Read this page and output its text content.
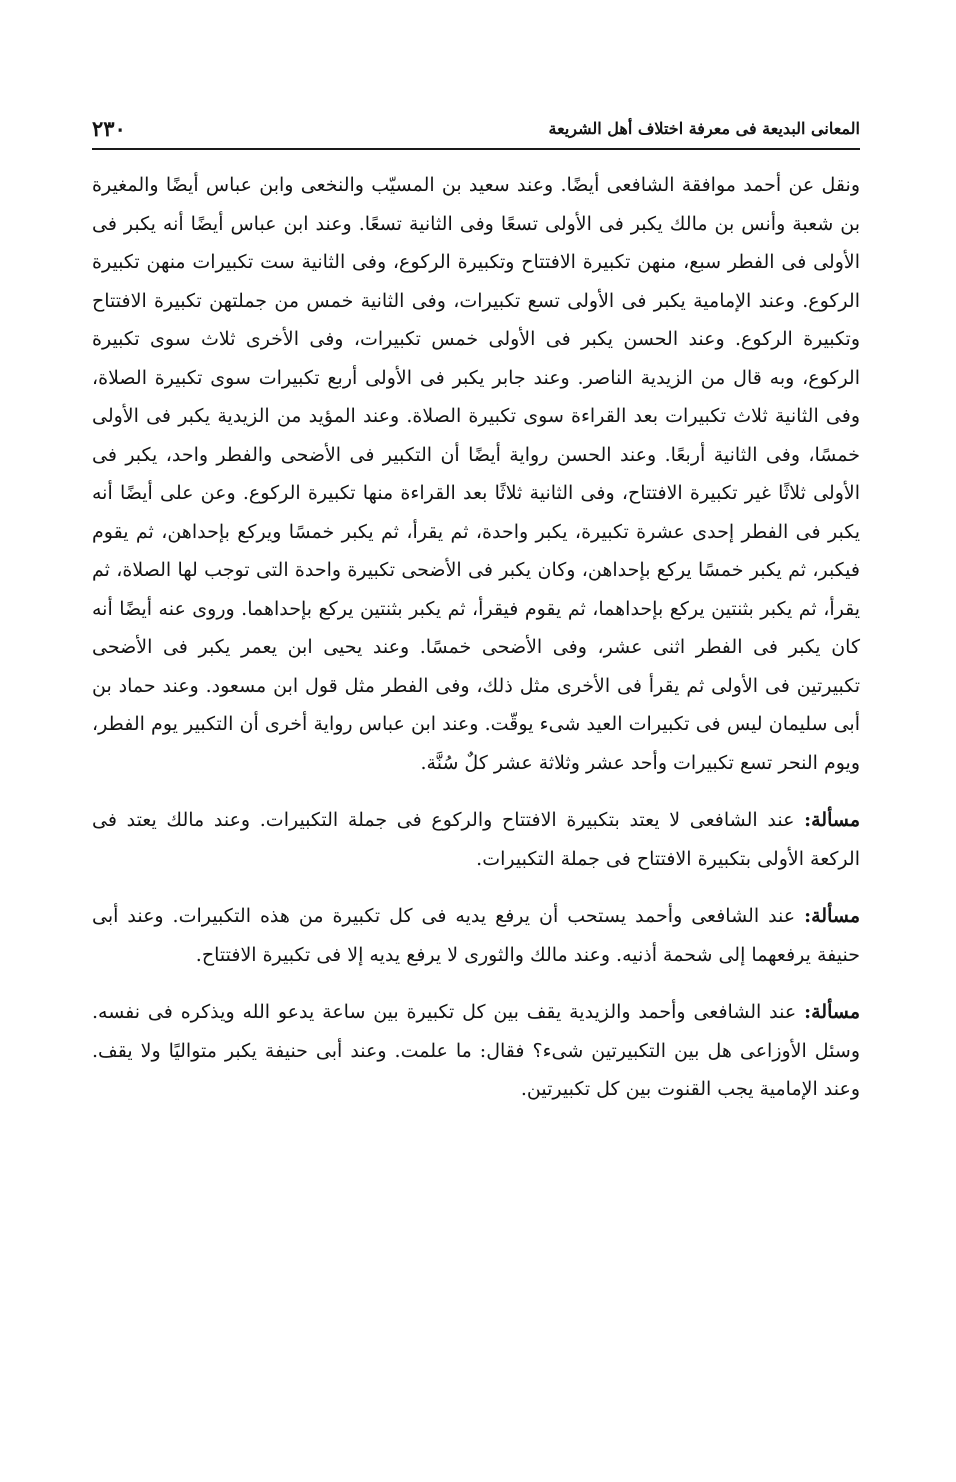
المعانى البديعة فى معرفة اختلاف أهل الشريعة
٢٣٠

ونقل عن أحمد موافقة الشافعى أيضًا. وعند سعيد بن المسيّب والنخعى وابن عباس أيضًا والمغيرة بن شعبة وأنس بن مالك يكبر فى الأولى تسعًا وفى الثانية تسعًا. وعند ابن عباس أيضًا أنه يكبر فى الأولى فى الفطر سبع، منهن تكبيرة الافتتاح وتكبيرة الركوع، وفى الثانية ست تكبيرات منهن تكبيرة الركوع. وعند الإمامية يكبر فى الأولى تسع تكبيرات، وفى الثانية خمس من جملتهن تكبيرة الافتتاح وتكبيرة الركوع. وعند الحسن يكبر فى الأولى خمس تكبيرات، وفى الأخرى ثلاث سوى تكبيرة الركوع، وبه قال من الزيدية الناصر. وعند جابر يكبر فى الأولى أربع تكبيرات سوى تكبيرة الصلاة، وفى الثانية ثلاث تكبيرات بعد القراءة سوى تكبيرة الصلاة. وعند المؤيد من الزيدية يكبر فى الأولى خمسًا، وفى الثانية أربعًا. وعند الحسن رواية أيضًا أن التكبير فى الأضحى والفطر واحد، يكبر فى الأولى ثلاثًا غير تكبيرة الافتتاح، وفى الثانية ثلاثًا بعد القراءة منها تكبيرة الركوع. وعن على أيضًا أنه يكبر فى الفطر إحدى عشرة تكبيرة، يكبر واحدة، ثم يقرأ، ثم يكبر خمسًا ويركع بإحداهن، ثم يقوم فيكبر، ثم يكبر خمسًا يركع بإحداهن، وكان يكبر فى الأضحى تكبيرة واحدة التى توجب لها الصلاة، ثم يقرأ، ثم يكبر بثنتين يركع بإحداهما، ثم يقوم فيقرأ، ثم يكبر بثنتين يركع بإحداهما. وروى عنه أيضًا أنه كان يكبر فى الفطر اثنى عشر، وفى الأضحى خمسًا. وعند يحيى ابن يعمر يكبر فى الأضحى تكبيرتين فى الأولى ثم يقرأ فى الأخرى مثل ذلك، وفى الفطر مثل قول ابن مسعود. وعند حماد بن أبى سليمان ليس فى تكبيرات العيد شىء يوقّت. وعند ابن عباس رواية أخرى أن التكبير يوم الفطر، ويوم النحر تسع تكبيرات وأحد عشر وثلاثة عشر كلٌ سُنَّة.

مسألة: عند الشافعى لا يعتد بتكبيرة الافتتاح والركوع فى جملة التكبيرات. وعند مالك يعتد فى الركعة الأولى بتكبيرة الافتتاح فى جملة التكبيرات.

مسألة: عند الشافعى وأحمد يستحب أن يرفع يديه فى كل تكبيرة من هذه التكبيرات. وعند أبى حنيفة يرفعهما إلى شحمة أذنيه. وعند مالك والثورى لا يرفع يديه إلا فى تكبيرة الافتتاح.

مسألة: عند الشافعى وأحمد والزيدية يقف بين كل تكبيرة بين ساعة يدعو الله ويذكره فى نفسه. وسئل الأوزاعى هل بين التكبيرتين شىء؟ فقال: ما علمت. وعند أبى حنيفة يكبر متواليًا ولا يقف. وعند الإمامية يجب القنوت بين كل تكبيرتين.
